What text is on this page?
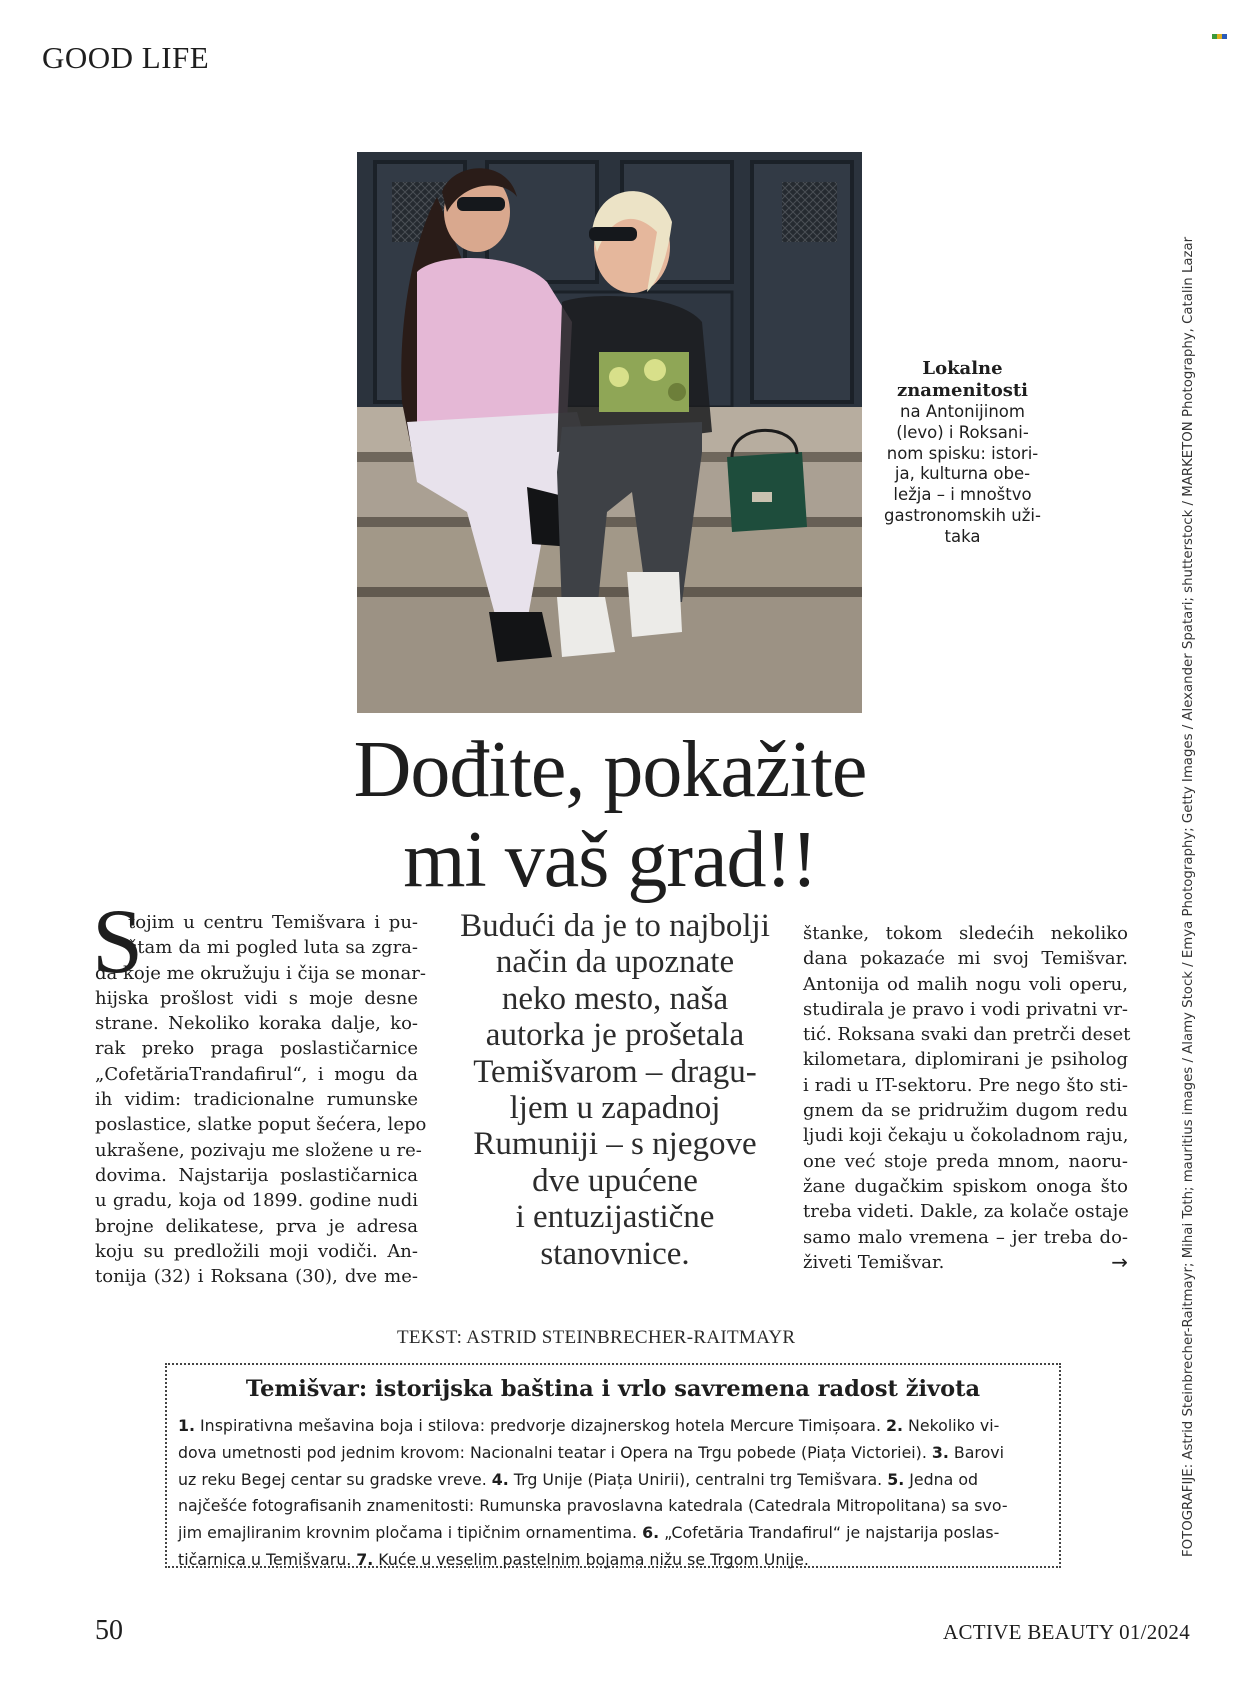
GOOD LIFE
Lokalne
znamenitosti
na Antonijinom
(levo) i Roksani-
nom spisku: istori-
ja, kulturna obe-
ležja – i mnoštvo
gastronomskih uži-
taka	FOTOGRAFIJE: Astrid Steinbrecher-Raitmayr; Mihai Toth; mauritius images / Alamy Stock / Emya Photography; Getty Images / Alexander Spatari; shutterstock / MARKETON Photography, Catalin Lazar
Dođite, pokažite
mi vaš grad!!
S
tojim u centru Temišvara i pu-
štam da mi pogled luta sa zgra-
da koje me okružuju i čija se monar-
hijska prošlost vidi s moje desne
strane. Nekoliko koraka dalje, ko-
rak preko praga poslastičarnice
„CofetăriaTrandafirul“, i mogu da
ih vidim: tradicionalne rumunske
poslastice, slatke poput šećera, lepo
ukrašene, pozivaju me složene u re-
dovima. Najstarija poslastičarnica
u gradu, koja od 1899. godine nudi
brojne delikatese, prva je adresa
koju su predložili moji vodiči. An-
tonija (32) i Roksana (30), dve me-
Budući da je to najbolji
način da upoznate
neko mesto, naša
autorka je prošetala
Temišvarom – dragu-
ljem u zapadnoj
Rumuniji – s njegove
dve upućene
i entuzijastične
stanovnice.
štanke, tokom sledećih nekoliko
dana pokazaće mi svoj Temišvar.
Antonija od malih nogu voli operu,
studirala je pravo i vodi privatni vr-
tić. Roksana svaki dan pretrči deset
kilometara, diplomirani je psiholog
i radi u IT-sektoru. Pre nego što sti-
gnem da se pridružim dugom redu
ljudi koji čekaju u čokoladnom raju,
one već stoje preda mnom, naoru-
žane dugačkim spiskom onoga što
treba videti. Dakle, za kolače ostaje
samo malo vremena – jer treba do-
živeti Temišvar.	→
TEKST: ASTRID STEINBRECHER-RAITMAYR
Temišvar: istorijska baština i vrlo savremena radost života
1. Inspirativna mešavina boja i stilova: predvorje dizajnerskog hotela Mercure Timișoara. 2. Nekoliko vi-
dova umetnosti pod jednim krovom: Nacionalni teatar i Opera na Trgu pobede (Piața Victoriei). 3. Barovi
uz reku Begej centar su gradske vreve. 4. Trg Unije (Piața Unirii), centralni trg Temišvara. 5. Jedna od
najčešće fotografisanih znamenitosti: Rumunska pravoslavna katedrala (Catedrala Mitropolitana) sa svo-
jim emajliranim krovnim pločama i tipičnim ornamentima. 6. „Cofetăria Trandafirul“ je najstarija poslas-
tičarnica u Temišvaru. 7. Kuće u veselim pastelnim bojama nižu se Trgom Unije.
50	ACTIVE BEAUTY 01/2024
